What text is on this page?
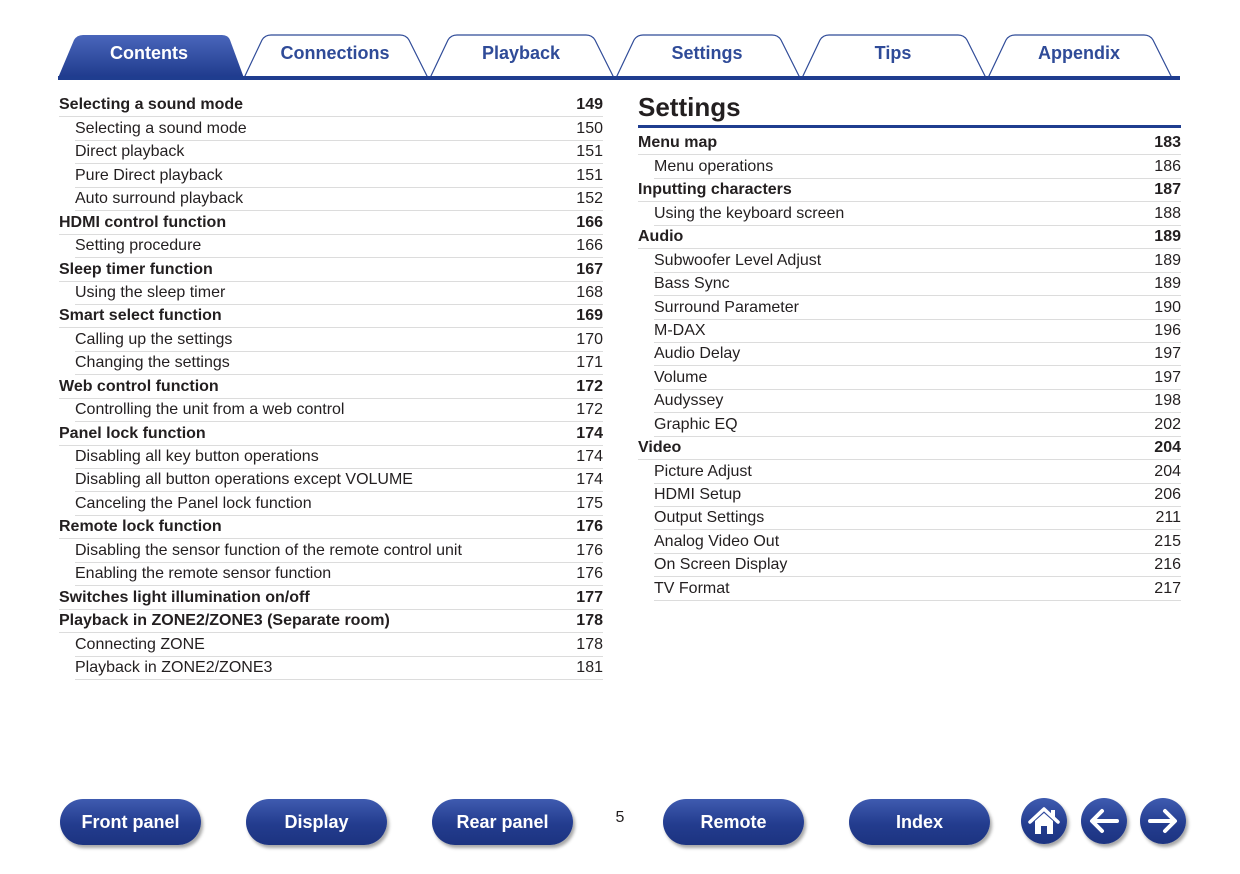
Contents	Connections	Playback	Settings	Tips	Appendix
Selecting a sound mode	149
Selecting a sound mode	150
Direct playback	151
Pure Direct playback	151
Auto surround playback	152
HDMI control function	166
Setting procedure	166
Sleep timer function	167
Using the sleep timer	168
Smart select function	169
Calling up the settings	170
Changing the settings	171
Web control function	172
Controlling the unit from a web control	172
Panel lock function	174
Disabling all key button operations	174
Disabling all button operations except VOLUME	174
Canceling the Panel lock function	175
Remote lock function	176
Disabling the sensor function of the remote control unit	176
Enabling the remote sensor function	176
Switches light illumination on/off	177
Playback in ZONE2/ZONE3 (Separate room)	178
Connecting ZONE	178
Playback in ZONE2/ZONE3	181
Settings
Menu map	183
Menu operations	186
Inputting characters	187
Using the keyboard screen	188
Audio	189
Subwoofer Level Adjust	189
Bass Sync	189
Surround Parameter	190
M-DAX	196
Audio Delay	197
Volume	197
Audyssey	198
Graphic EQ	202
Video	204
Picture Adjust	204
HDMI Setup	206
Output Settings	211
Analog Video Out	215
On Screen Display	216
TV Format	217
Front panel	Display	Rear panel	5	Remote	Index
